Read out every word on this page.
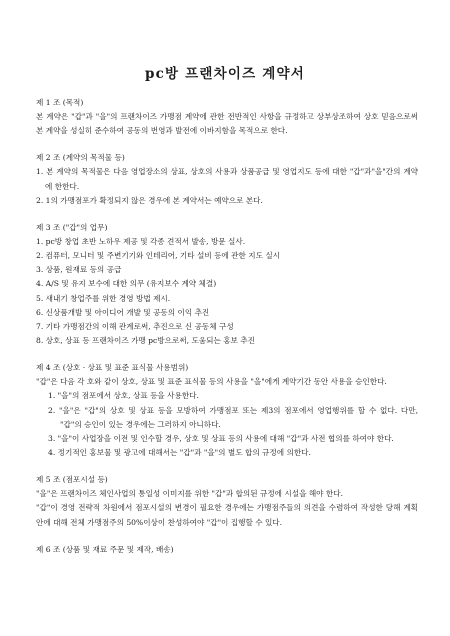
pc방 프랜차이즈 계약서

제 1 조 (목적)

본 계약은 "갑"과 "을"의 프랜차이즈 가맹점 계약에 관한 전반적인 사항을 규정하고 상부상조하여 상호 믿음으로써 본 계약을 성실히 준수하여 공동의 번영과 발전에 이바지함을 목적으로 한다.

제 2 조 (계약의 목적물 등)

1. 본 계약의 목적물은 다음 영업장소의 상표, 상호의 사용과 상품공급 및 영업지도 등에 대한 "갑"과"을"간의 계약에 한한다.

2. 1의 가맹점포가 확정되지 않은 경우에 본 계약서는 예약으로 본다.

제 3 조 ("갑"의 업무)

1. pc방 창업 초반 노하우 제공 및 각종 견적서 발송, 방문 실사.

2. 컴퓨터, 모니터 및 주변기기와 인테리어, 기타 설비 등에 관한 지도 실시

3. 상품, 원재료 등의 공급

4. A/S 및 유지 보수에 대한 의무 (유지보수 계약 체결)

5. 새내기 창업주를 위한 경영 방법 제시.

6. 신상품개발 및 아이디어 개발 및 공동의 이익 추진

7. 기타 가맹점간의 이해 관계로써, 추진으로 신 공동체 구성

8. 상호, 상표 등 프랜차이즈 가맹 pc방으로써, 도움되는 홍보 추진

제 4 조 (상호 · 상표 및 표준 표식물 사용범위)

"갑"은 다음 각 호와 같이 상호, 상표 및 표준 표식물 등의 사용을 "을"에게 계약기간 동안 사용을 승인한다.

1. "을"의 점포에서 상호, 상표 등을 사용한다.

2. "을"은 "갑"의 상호 및 상표 등을 모방하여 가맹점포 또는 제3의 점포에서 영업행위를 할 수 없다. 다만, "갑"의 승인이 있는 경우에는 그러하지 아니하다.

3. "을"이 사업장을 이전 및 인수할 경우, 상호 및 상표 등의 사용에 대해 "갑"과 사전 협의를 하여야 한다.

4. 정기적인 홍보물 및 광고에 대해서는 "갑"과 "을"의 별도 합의 규정에 의한다.

제 5 조 (점포시설 등)

"을"은 프랜차이즈 체인사업의 통일성 이미지를 위한 "갑"과 합의된 규정에 시설을 해야 한다.

"갑"이 경영 전략적 차원에서 점포시설의 변경이 필요한 경우에는 가맹점주들의 의견을 수렴하여 작성한 당해 계획안에 대해 전체 가맹점주의 50%이상이 찬성하여야 "갑"이 집행할 수 있다.

제 6 조 (상품 및 재료 주문 및 제작, 배송)
